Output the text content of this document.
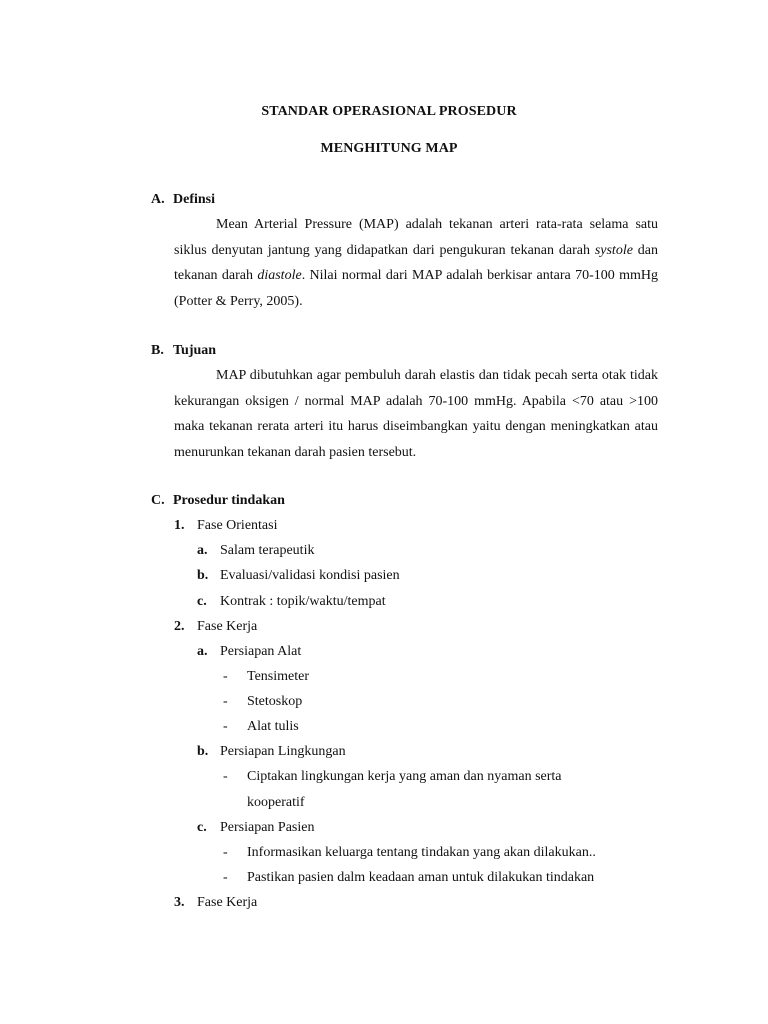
STANDAR OPERASIONAL PROSEDUR
MENGHITUNG MAP
A. Definsi
Mean Arterial Pressure (MAP) adalah tekanan arteri rata-rata selama satu siklus denyutan jantung yang didapatkan dari pengukuran tekanan darah systole dan tekanan darah diastole. Nilai normal dari MAP adalah berkisar antara 70-100 mmHg (Potter & Perry, 2005).
B. Tujuan
MAP dibutuhkan agar pembuluh darah elastis dan tidak pecah serta otak tidak kekurangan oksigen / normal MAP adalah 70-100 mmHg. Apabila <70 atau >100 maka tekanan rerata arteri itu harus diseimbangkan yaitu dengan meningkatkan atau menurunkan tekanan darah pasien tersebut.
C. Prosedur tindakan
1. Fase Orientasi
a. Salam terapeutik
b. Evaluasi/validasi kondisi pasien
c. Kontrak : topik/waktu/tempat
2. Fase Kerja
a. Persiapan Alat
- Tensimeter
- Stetoskop
- Alat tulis
b. Persiapan Lingkungan
- Ciptakan lingkungan kerja yang aman dan nyaman serta
kooperatif
c. Persiapan Pasien
- Informasikan keluarga tentang tindakan yang akan dilakukan..
- Pastikan pasien dalm keadaan aman untuk dilakukan tindakan
3. Fase Kerja
